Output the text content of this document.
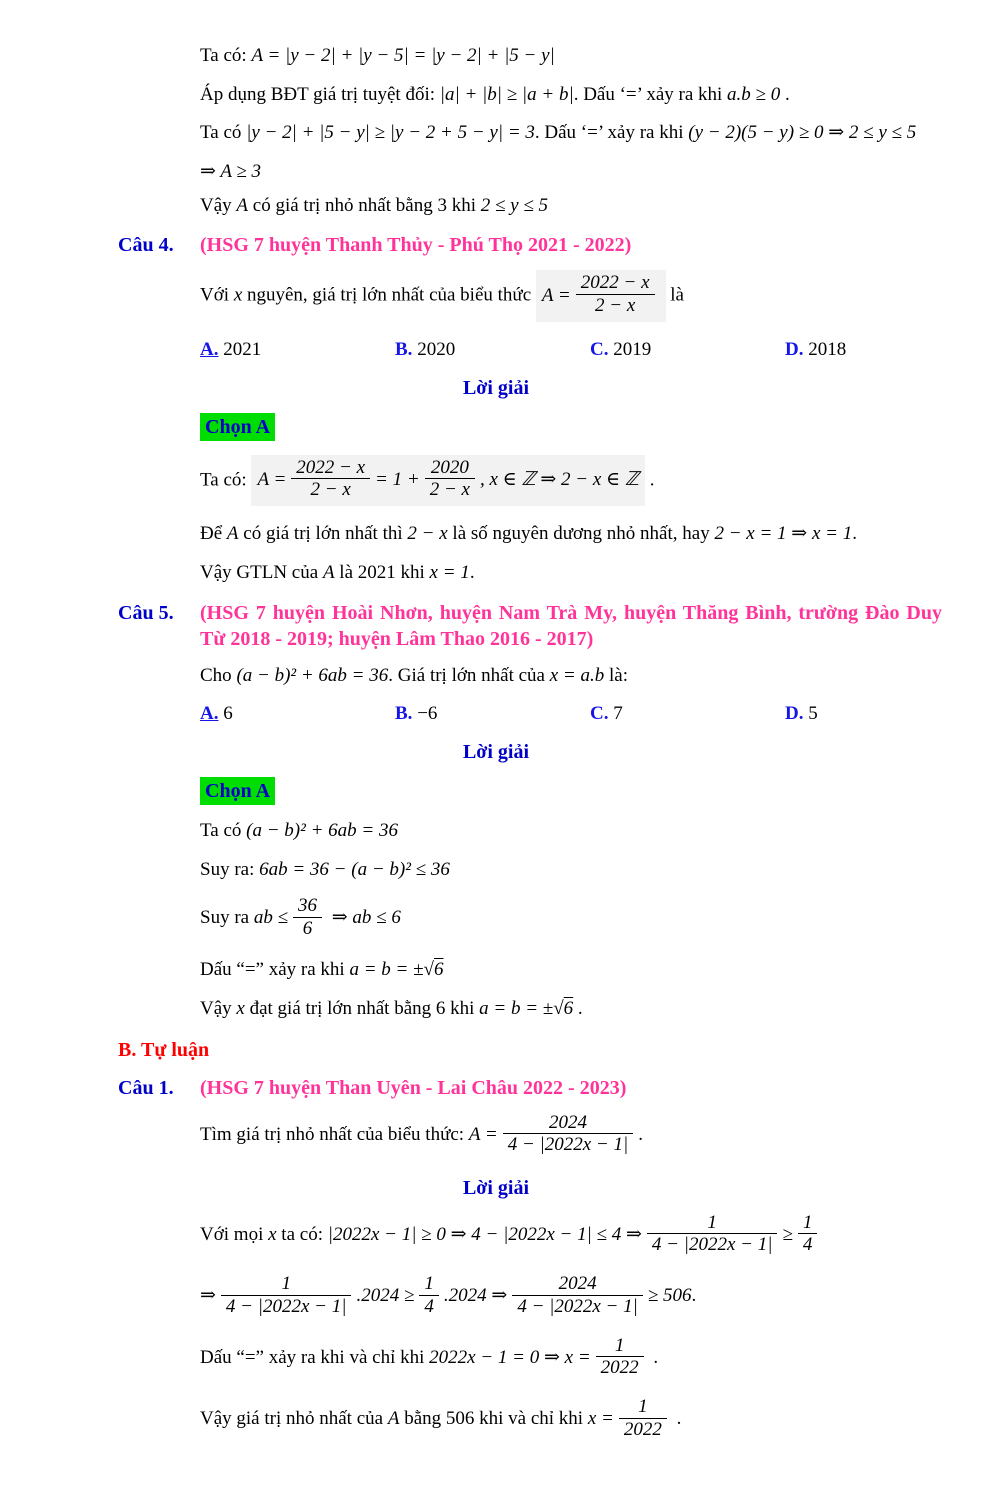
Ta có: A = |y − 2| + |y − 5| = |y − 2| + |5 − y|
Áp dụng BĐT giá trị tuyệt đối: |a| + |b| ≥ |a + b|. Dấu ‘=’ xảy ra khi a.b ≥ 0 .
Ta có |y − 2| + |5 − y| ≥ |y − 2 + 5 − y| = 3. Dấu ‘=’ xảy ra khi (y − 2)(5 − y) ≥ 0 ⇒ 2 ≤ y ≤ 5
⇒ A ≥ 3
Vậy A có giá trị nhỏ nhất bằng 3 khi 2 ≤ y ≤ 5
Câu 4.	(HSG 7 huyện Thanh Thủy - Phú Thọ 2021 - 2022)
Với x nguyên, giá trị lớn nhất của biểu thức $A = \frac{2022 - x}{2 - x}$ là
A. 2021	B. 2020	C. 2019	D. 2018
Lời giải
Chọn A
Ta có: $A = \frac{2022 - x}{2 - x} = 1 + \frac{2020}{2 - x}$ , x ∈ ℤ ⇒ 2 − x ∈ ℤ .
Để A có giá trị lớn nhất thì 2 − x là số nguyên dương nhỏ nhất, hay 2 − x = 1 ⇒ x = 1.
Vậy GTLN của A là 2021 khi x = 1.
Câu 5.	(HSG 7 huyện Hoài Nhơn, huyện Nam Trà My, huyện Thăng Bình, trường Đào Duy Từ 2018 - 2019; huyện Lâm Thao 2016 - 2017)
Cho (a − b)² + 6ab = 36. Giá trị lớn nhất của x = a.b là:
A. 6	B. −6	C. 7	D. 5
Lời giải
Chọn A
Ta có (a − b)² + 6ab = 36
Suy ra: 6ab = 36 − (a − b)² ≤ 36
Suy ra ab ≤ $\frac{36}{6}$ ⇒ ab ≤ 6
Dấu “=” xảy ra khi a = b = ±√6
Vậy x đạt giá trị lớn nhất bằng 6 khi a = b = ±√6 .
B. Tự luận
Câu 1.	(HSG 7 huyện Than Uyên - Lai Châu 2022 - 2023)
Tìm giá trị nhỏ nhất của biểu thức: $A = \frac{2024}{4 - |2022x - 1|}$ .
Lời giải
Với mọi x ta có: |2022x − 1| ≥ 0 ⇒ 4 − |2022x − 1| ≤ 4 ⇒ $\frac{1}{4 - |2022x - 1|} \ge \frac{1}{4}$
⇒ $\frac{1}{4 - |2022x - 1|} .2024 \ge \frac{1}{4} .2024$ ⇒ $\frac{2024}{4 - |2022x - 1|} \ge 506$.
Dấu “=” xảy ra khi và chỉ khi 2022x − 1 = 0 ⇒ $x = \frac{1}{2022}$ .
Vậy giá trị nhỏ nhất của A bằng 506 khi và chỉ khi $x = \frac{1}{2022}$ .
